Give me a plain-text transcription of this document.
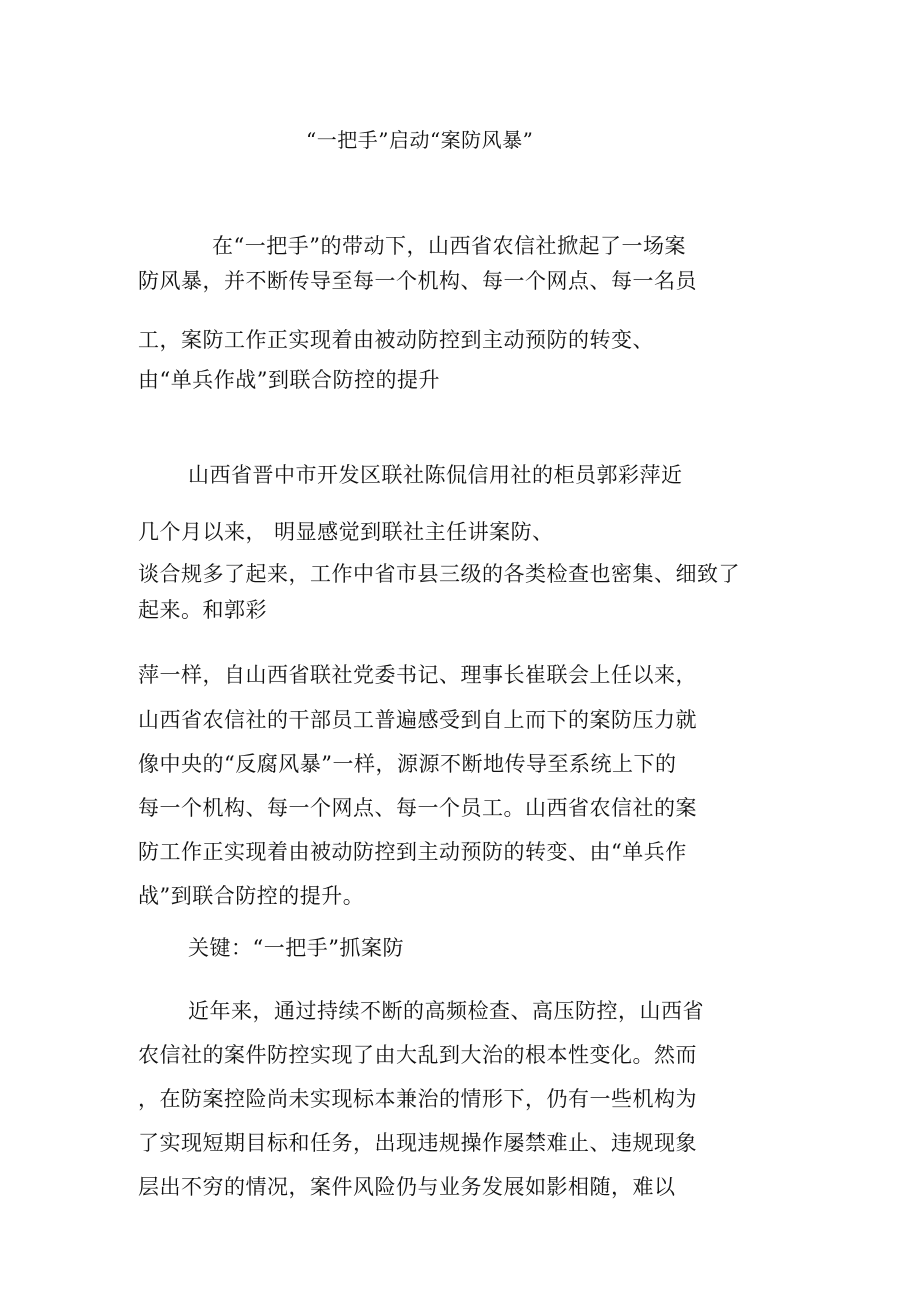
“一把手”启动“案防风暴”
在“一把手”的带动下，山西省农信社掀起了一场案
防风暴，并不断传导至每一个机构、每一个网点、每一名员
工，案防工作正实现着由被动防控到主动预防的转变、
由“单兵作战”到联合防控的提升
山西省晋中市开发区联社陈侃信用社的柜员郭彩萍近
几个月以来， 明显感觉到联社主任讲案防、
谈合规多了起来，工作中省市县三级的各类检查也密集、细致了
起来。和郭彩
萍一样，自山西省联社党委书记、理事长崔联会上任以来，
山西省农信社的干部员工普遍感受到自上而下的案防压力就
像中央的“反腐风暴”一样，源源不断地传导至系统上下的
每一个机构、每一个网点、每一个员工。山西省农信社的案
防工作正实现着由被动防控到主动预防的转变、由“单兵作
战”到联合防控的提升。
关键：“一把手”抓案防
近年来，通过持续不断的高频检查、高压防控，山西省
农信社的案件防控实现了由大乱到大治的根本性变化。然而
，在防案控险尚未实现标本兼治的情形下，仍有一些机构为
了实现短期目标和任务，出现违规操作屡禁难止、违规现象
层出不穷的情况，案件风险仍与业务发展如影相随，难以
